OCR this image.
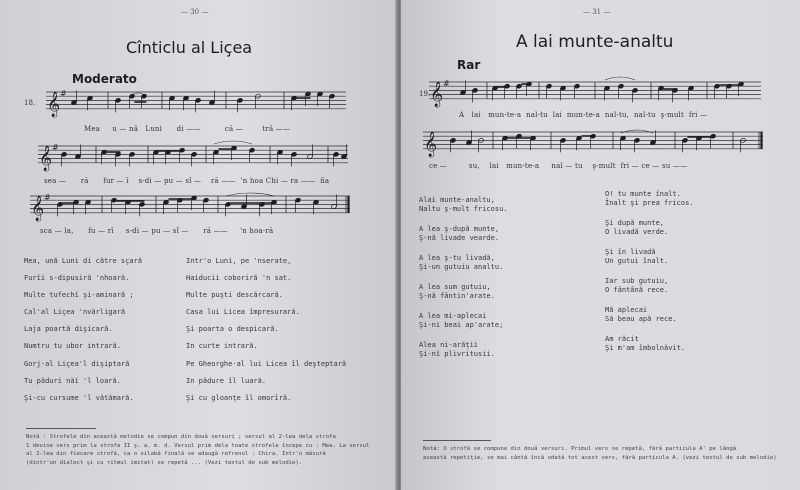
— 30 —
Cînticlu al Liçea
Moderato
18. 𝄞 #
Mea u — nă Luni di ——	că —	tră ——
𝄞 #
sea —      ră fur — ĭ s-di — pu — sî — ră —— 'n hoa Chi — ra —— ña
𝄞 #
sca — la, fu — rĭ s-di — pu — sî — ră —— 'n hoa-ră

Mea, ună Luni di către sçară

Furĭi s-dipusiră 'nhoară.

Multe tufechĭ şi-aminară ;

Cal'al Liçea 'nvărligară

Laja poartă dişicară.

Numtru tu ubor intrară.

Gorj-al Liçea'l dişiptară

Tu păduri năĭ 'l loară.

Şi-cu cursume 'l vătămară.

Intr'o Luni, pe 'nserate,

Haiducii coboriră 'n sat.

Multe puşti descărcară.

Casa lui Licea împresurară.

Şi poarta o despicară.

In curte intrară.

Pe Gheorghe-al lui Licea îl deşteptară

In pădure îl luară.

Şi cu gloanţe îl omorîră.

Notă : Strofele din această melodie se compun din două versuri ; versul al 2-lea dela strofa

1 devine vers prim la strofa II ş. a. m. d. Versul prim dela toate strofele începe cu : Mea. La versul

al 2-lea din fiecare strofă, ca o silabă finală se adaugă refrenul : Chira. Intr'o măsură

(dintr'un dialect şi cu ritmul imitat) se repetă ... (Vezi textul de sub melodie).

— 31 —
A lai munte-analtu
Rar
19. 𝄞 #
A lai mun-te-a nal-tu lai mun-te-a nal-tu, nal-tu ş-mult fri —
𝄞
ce —	su, lai mun-te-a nal — tu ş-mult fri — ce — su ——

Alai munte-analtu,

Naltu ş-mult fricosu.

A lea ş-după munte,

Ş-nă livade vearde.

A lea ş-tu livadă,

Şi-un gutuiu analtu.

A lea sum gutuiu,

Ş-nă fântin'arate.

A lea mi-aplecai

Şi-ni beai ap'arate;

Alea ni-arăţii

Şi-nĭ plivritusii.

O! tu munte înalt.

Înalt şi prea fricos.

Şi după munte,

O livadă verde.

Şi în livadă

Un gutui înalt.

Iar sub gutuiu,

O fântână rece.

Mă aplecai

Să beau apă rece.

Am răcit

Şi m'am îmbolnăvit.

Notă: O strofă se compune din două versuri. Primul vers se repetă, fără particula A' pe lângă

această repetiţie, se mai cântă încă odată tot acest vers, fără particula A. (vezi textul de sub melodie)
